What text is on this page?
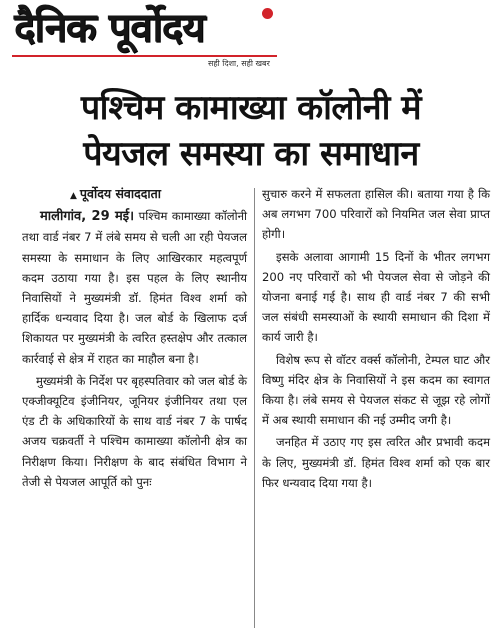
दैनिक पूर्वोदय
सही दिशा, सही खबर
पश्चिम कामाख्या कॉलोनी में
पेयजल समस्या का समाधान

▲ पूर्वोदय संवाददाता

मालीगांव, 29 मई। पश्चिम कामाख्या कॉलोनी तथा वार्ड नंबर 7 में लंबे समय से चली आ रही पेयजल समस्या के समाधान के लिए आखिरकार महत्वपूर्ण कदम उठाया गया है। इस पहल के लिए स्थानीय निवासियों ने मुख्यमंत्री डॉ. हिमंत विश्व शर्मा को हार्दिक धन्यवाद दिया है। जल बोर्ड के खिलाफ दर्ज शिकायत पर मुख्यमंत्री के त्वरित हस्तक्षेप और तत्काल कार्रवाई से क्षेत्र में राहत का माहौल बना है।

मुख्यमंत्री के निर्देश पर बृहस्पतिवार को जल बोर्ड के एक्जीक्यूटिव इंजीनियर, जूनियर इंजीनियर तथा एल एंड टी के अधिकारियों के साथ वार्ड नंबर 7 के पार्षद अजय चक्रवर्ती ने पश्चिम कामाख्या कॉलोनी क्षेत्र का निरीक्षण किया। निरीक्षण के बाद संबंधित विभाग ने तेजी से पेयजल आपूर्ति को पुनः

सुचारु करने में सफलता हासिल की। बताया गया है कि अब लगभग 700 परिवारों को नियमित जल सेवा प्राप्त होगी।

इसके अलावा आगामी 15 दिनों के भीतर लगभग 200 नए परिवारों को भी पेयजल सेवा से जोड़ने की योजना बनाई गई है। साथ ही वार्ड नंबर 7 की सभी जल संबंधी समस्याओं के स्थायी समाधान की दिशा में कार्य जारी है।

विशेष रूप से वॉटर वर्क्स कॉलोनी, टेम्पल घाट और विष्णु मंदिर क्षेत्र के निवासियों ने इस कदम का स्वागत किया है। लंबे समय से पेयजल संकट से जूझ रहे लोगों में अब स्थायी समाधान की नई उम्मीद जगी है।

जनहित में उठाए गए इस त्वरित और प्रभावी कदम के लिए, मुख्यमंत्री डॉ. हिमंत विश्व शर्मा को एक बार फिर धन्यवाद दिया गया है।
